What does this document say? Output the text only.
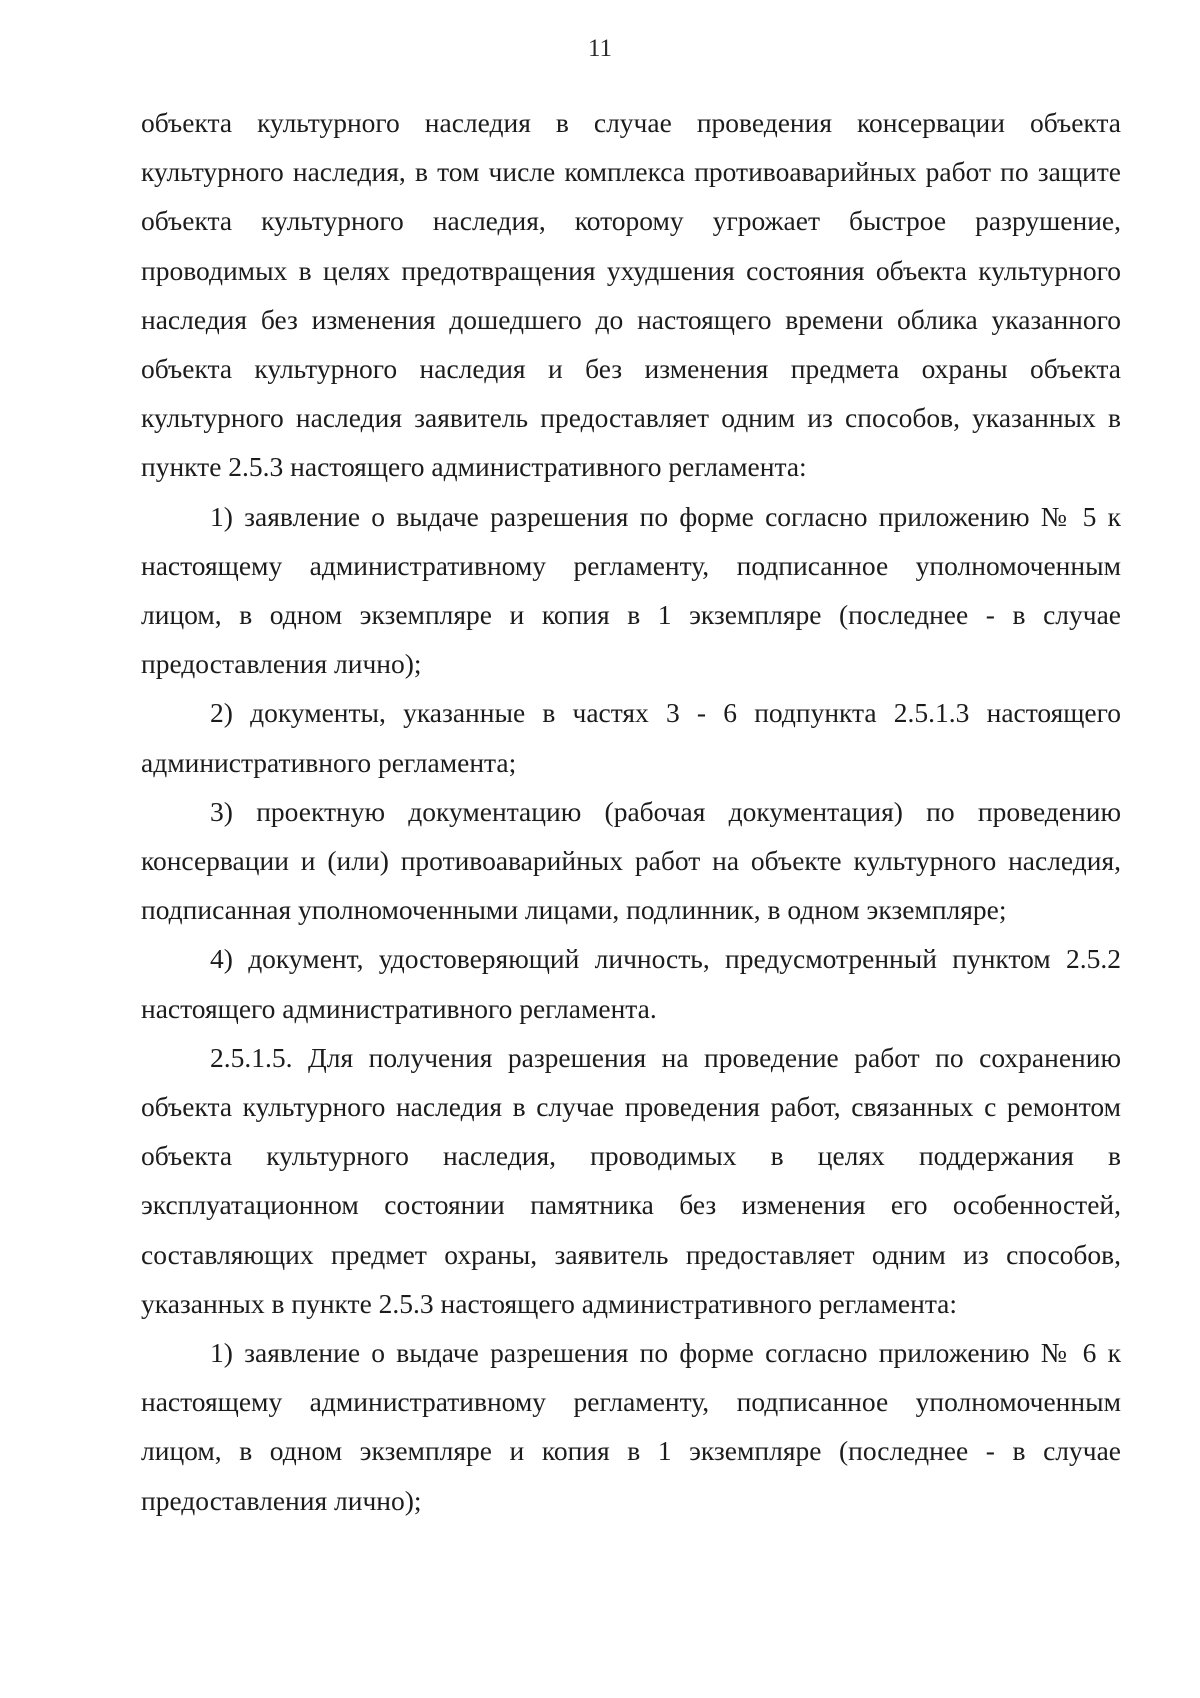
11

объекта культурного наследия в случае проведения консервации объекта культурного наследия, в том числе комплекса противоаварийных работ по защите объекта культурного наследия, которому угрожает быстрое разрушение, проводимых в целях предотвращения ухудшения состояния объекта культурного наследия без изменения дошедшего до настоящего времени облика указанного объекта культурного наследия и без изменения предмета охраны объекта культурного наследия заявитель предоставляет одним из способов, указанных в пункте 2.5.3 настоящего административного регламента:

1) заявление о выдаче разрешения по форме согласно приложению № 5 к настоящему административному регламенту, подписанное уполномоченным лицом, в одном экземпляре и копия в 1 экземпляре (последнее - в случае предоставления лично);

2) документы, указанные в частях 3 - 6 подпункта 2.5.1.3 настоящего административного регламента;

3) проектную документацию (рабочая документация) по проведению консервации и (или) противоаварийных работ на объекте культурного наследия, подписанная уполномоченными лицами, подлинник, в одном экземпляре;

4) документ, удостоверяющий личность, предусмотренный пунктом 2.5.2 настоящего административного регламента.

2.5.1.5. Для получения разрешения на проведение работ по сохранению объекта культурного наследия в случае проведения работ, связанных с ремонтом объекта культурного наследия, проводимых в целях поддержания в эксплуатационном состоянии памятника без изменения его особенностей, составляющих предмет охраны, заявитель предоставляет одним из способов, указанных в пункте 2.5.3 настоящего административного регламента:

1) заявление о выдаче разрешения по форме согласно приложению № 6 к настоящему административному регламенту, подписанное уполномоченным лицом, в одном экземпляре и копия в 1 экземпляре (последнее - в случае предоставления лично);
